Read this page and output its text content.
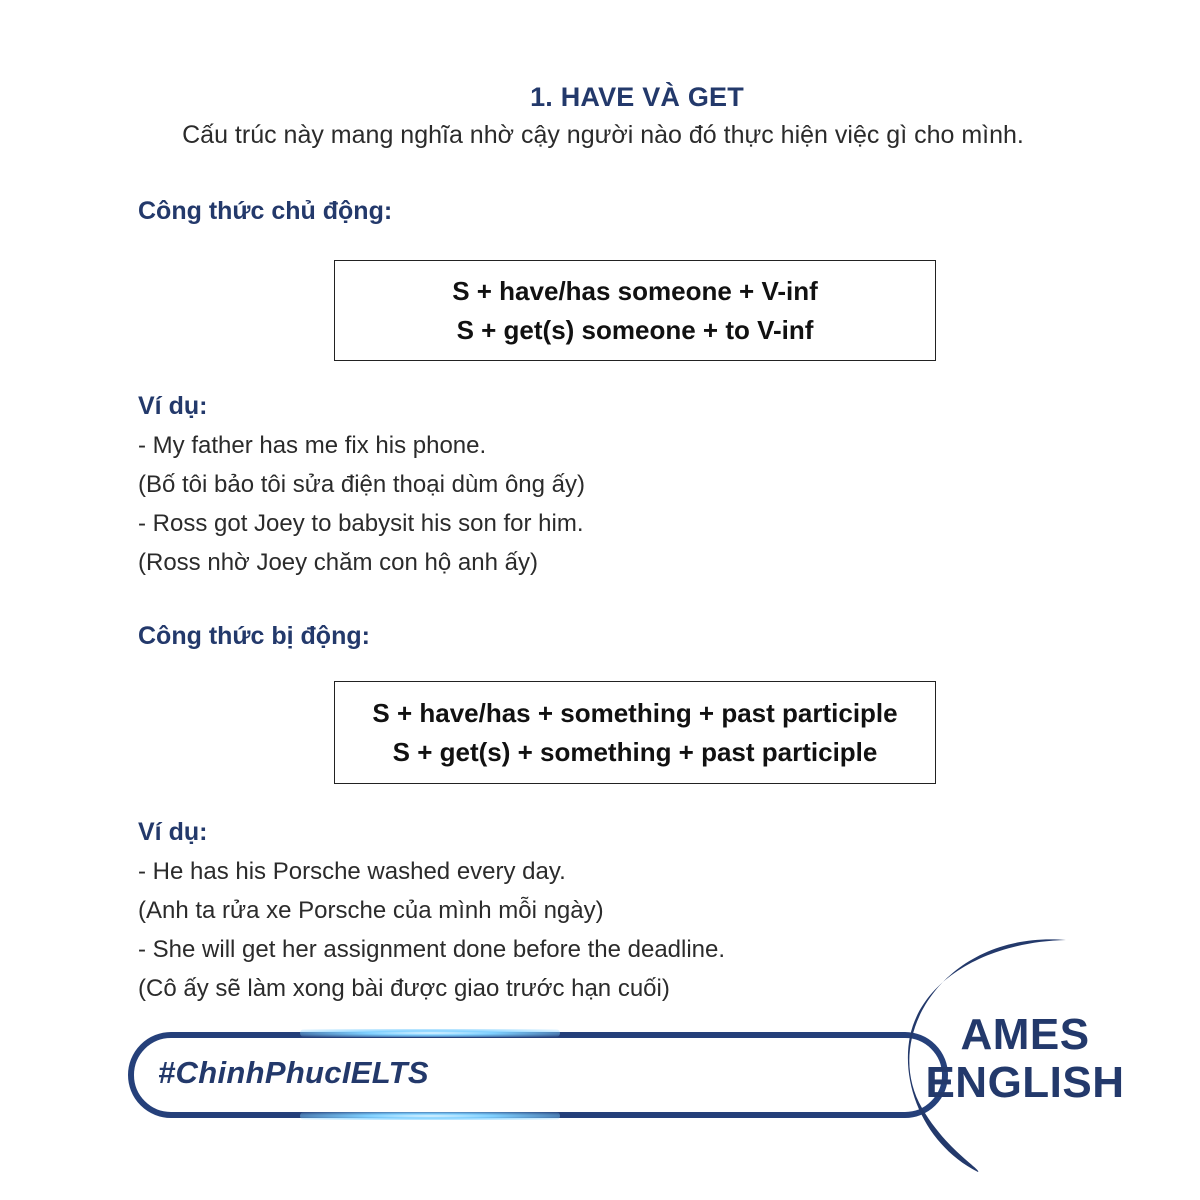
1. HAVE VÀ GET

Cấu trúc này mang nghĩa nhờ cậy người nào đó thực hiện việc gì cho mình.

Công thức chủ động:
S + have/has someone + V-inf
S + get(s) someone + to V-inf
Ví dụ:
- My father has me fix his phone.
(Bố tôi bảo tôi sửa điện thoại dùm ông ấy)
- Ross got Joey to babysit his son for him.
(Ross nhờ Joey chăm con hộ anh ấy)
Công thức bị động:
S + have/has + something + past participle
S + get(s) + something + past participle
Ví dụ:
- He has his Porsche washed every day.
(Anh ta rửa xe Porsche của mình mỗi ngày)
- She will get her assignment done before the deadline.
(Cô ấy sẽ làm xong bài được giao trước hạn cuối)
#ChinhPhucIELTS
AMES
ENGLISH
